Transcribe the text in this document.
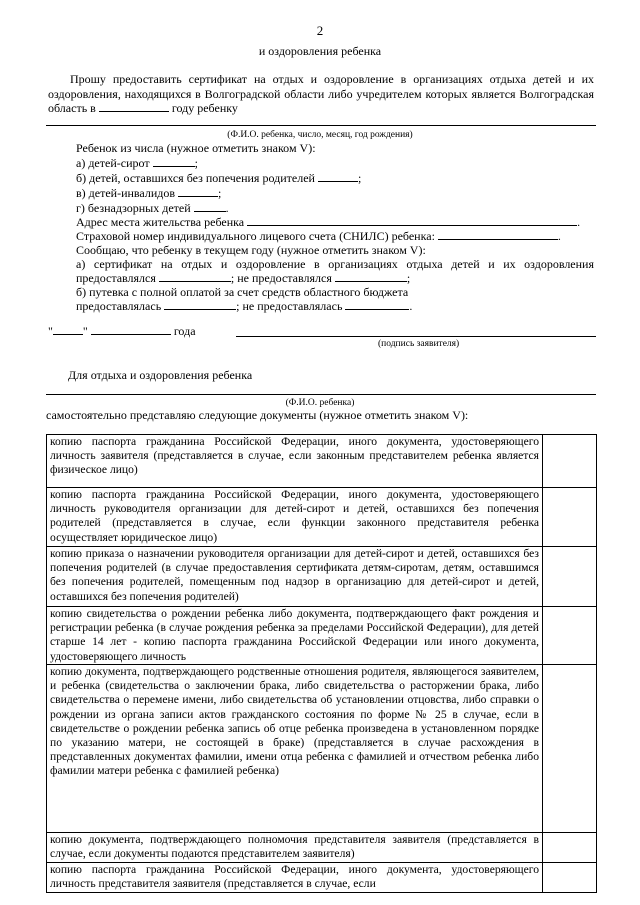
2
и оздоровления ребенка
Прошу предоставить сертификат на отдых и оздоровление в организациях отдыха детей и их оздоровления, находящихся в Волгоградской области либо учредителем которых является Волгоградская область в	году ребенку
(Ф.И.О. ребенка, число, месяц, год рождения)
Ребенок из числа (нужное отметить знаком V):
а) детей-сирот	;
б) детей, оставшихся без попечения родителей	;
в) детей-инвалидов	;
г) безнадзорных детей	.
Адрес места жительства ребенка	.
Страховой номер индивидуального лицевого счета (СНИЛС) ребенка:	.
Сообщаю, что ребенку в текущем году (нужное отметить знаком V):
а) сертификат на отдых и оздоровление в организациях отдыха детей и их оздоровления
предоставлялся	; не предоставлялся	;
б) путевка с полной оплатой за счет средств областного бюджета
предоставлялась	; не предоставлялась	.
"	"	года
(подпись заявителя)
Для отдыха и оздоровления ребенка
(Ф.И.О. ребенка)
самостоятельно представляю следующие документы (нужное отметить знаком V):
копию паспорта гражданина Российской Федерации, иного документа, удостоверяющего личность заявителя (представляется в случае, если законным представителем ребенка является физическое лицо)	
копию паспорта гражданина Российской Федерации, иного документа, удостоверяющего личность руководителя организации для детей-сирот и детей, оставшихся без попечения родителей (представляется в случае, если функции законного представителя ребенка осуществляет юридическое лицо)	
копию приказа о назначении руководителя организации для детей-сирот и детей, оставшихся без попечения родителей (в случае предоставления сертификата детям-сиротам, детям, оставшимся без попечения родителей, помещенным под надзор в организацию для детей-сирот и детей, оставшихся без попечения родителей)	
копию свидетельства о рождении ребенка либо документа, подтверждающего факт рождения и регистрации ребенка (в случае рождения ребенка за пределами Российской Федерации), для детей старше 14 лет - копию паспорта гражданина Российской Федерации или иного документа, удостоверяющего личность	
копию документа, подтверждающего родственные отношения родителя, являющегося заявителем, и ребенка (свидетельства о заключении брака, либо свидетельства о расторжении брака, либо свидетельства о перемене имени, либо свидетельства об установлении отцовства, либо справки о рождении из органа записи актов гражданского состояния по форме № 25 в случае, если в свидетельстве о рождении ребенка запись об отце ребенка произведена в установленном порядке по указанию матери, не состоящей в браке) (представляется в случае расхождения в представленных документах фамилии, имени отца ребенка с фамилией и отчеством ребенка либо фамилии матери ребенка с фамилией ребенка)	
копию документа, подтверждающего полномочия представителя заявителя (представляется в случае, если документы подаются представителем заявителя)	
копию паспорта гражданина Российской Федерации, иного документа, удостоверяющего личность представителя заявителя (представляется в случае, если	
